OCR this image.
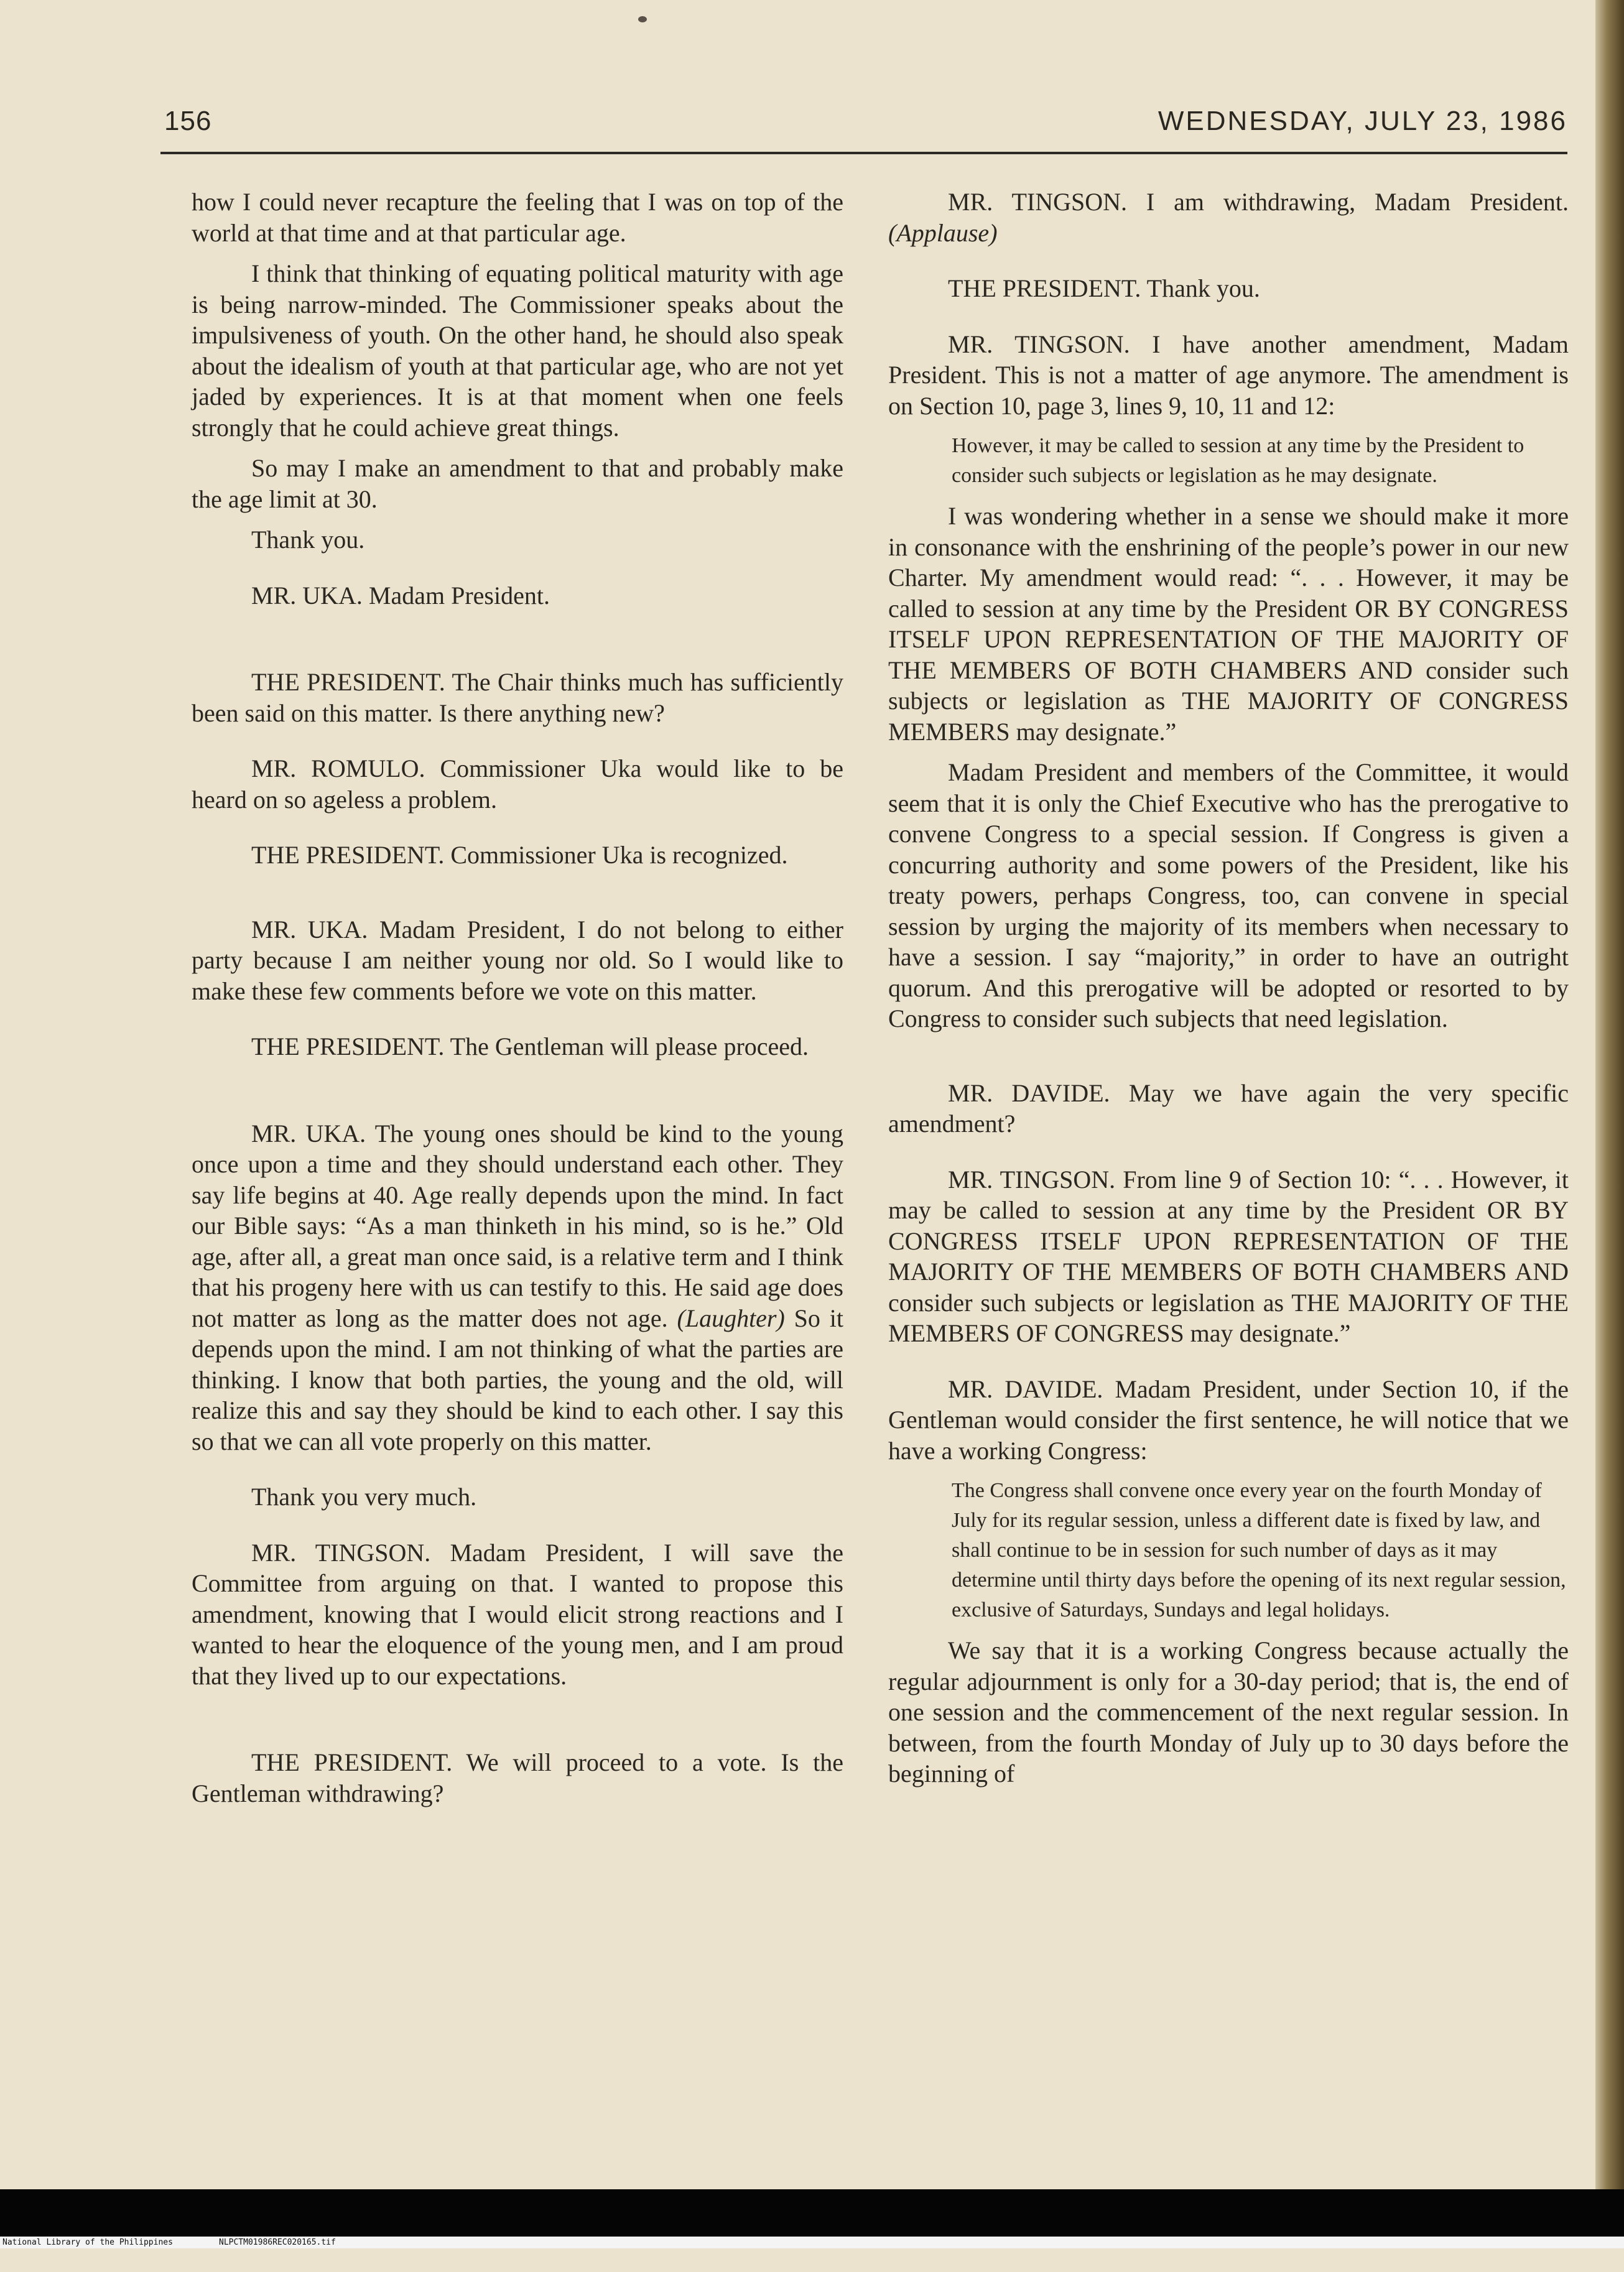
156	WEDNESDAY, JULY 23, 1986

how I could never recapture the feeling that I was on top of the world at that time and at that particular age.

I think that thinking of equating political maturity with age is being narrow-minded. The Commissioner speaks about the impulsiveness of youth. On the other hand, he should also speak about the idealism of youth at that particular age, who are not yet jaded by experiences. It is at that moment when one feels strongly that he could achieve great things.

So may I make an amendment to that and probably make the age limit at 30.

Thank you.

MR. UKA. Madam President.

THE PRESIDENT. The Chair thinks much has sufficiently been said on this matter. Is there anything new?

MR. ROMULO. Commissioner Uka would like to be heard on so ageless a problem.

THE PRESIDENT. Commissioner Uka is recognized.

MR. UKA. Madam President, I do not belong to either party because I am neither young nor old. So I would like to make these few comments before we vote on this matter.

THE PRESIDENT. The Gentleman will please proceed.

MR. UKA. The young ones should be kind to the young once upon a time and they should understand each other. They say life begins at 40. Age really depends upon the mind. In fact our Bible says: “As a man thinketh in his mind, so is he.” Old age, after all, a great man once said, is a relative term and I think that his progeny here with us can testify to this. He said age does not matter as long as the matter does not age. (Laughter) So it depends upon the mind. I am not thinking of what the parties are thinking. I know that both parties, the young and the old, will realize this and say they should be kind to each other. I say this so that we can all vote properly on this matter.

Thank you very much.

MR. TINGSON. Madam President, I will save the Committee from arguing on that. I wanted to propose this amendment, knowing that I would elicit strong reactions and I wanted to hear the eloquence of the young men, and I am proud that they lived up to our expectations.

THE PRESIDENT. We will proceed to a vote. Is the Gentleman withdrawing?

MR. TINGSON. I am withdrawing, Madam President. (Applause)

THE PRESIDENT. Thank you.

MR. TINGSON. I have another amendment, Madam President. This is not a matter of age anymore. The amendment is on Section 10, page 3, lines 9, 10, 11 and 12:

However, it may be called to session at any time by the President to consider such subjects or legislation as he may designate.

I was wondering whether in a sense we should make it more in consonance with the enshrining of the people’s power in our new Charter. My amendment would read: “. . . However, it may be called to session at any time by the President OR BY CONGRESS ITSELF UPON REPRESENTATION OF THE MAJORITY OF THE MEMBERS OF BOTH CHAMBERS AND consider such subjects or legislation as THE MAJORITY OF CONGRESS MEMBERS may designate.”

Madam President and members of the Committee, it would seem that it is only the Chief Executive who has the prerogative to convene Congress to a special session. If Congress is given a concurring authority and some powers of the President, like his treaty powers, perhaps Congress, too, can convene in special session by urging the majority of its members when necessary to have a session. I say “majority,” in order to have an outright quorum. And this prerogative will be adopted or resorted to by Congress to consider such subjects that need legislation.

MR. DAVIDE. May we have again the very specific amendment?

MR. TINGSON. From line 9 of Section 10: “. . . However, it may be called to session at any time by the President OR BY CONGRESS ITSELF UPON REPRESENTATION OF THE MAJORITY OF THE MEMBERS OF BOTH CHAMBERS AND consider such subjects or legislation as THE MAJORITY OF THE MEMBERS OF CONGRESS may designate.”

MR. DAVIDE. Madam President, under Section 10, if the Gentleman would consider the first sentence, he will notice that we have a working Congress:

The Congress shall convene once every year on the fourth Monday of July for its regular session, unless a different date is fixed by law, and shall continue to be in session for such number of days as it may determine until thirty days before the opening of its next regular session, exclusive of Saturdays, Sundays and legal holidays.

We say that it is a working Congress because actually the regular adjournment is only for a 30-day period; that is, the end of one session and the commencement of the next regular session. In between, from the fourth Monday of July up to 30 days before the beginning of

National Library of the Philippines

	NLPCTM01986REC020165.tif
